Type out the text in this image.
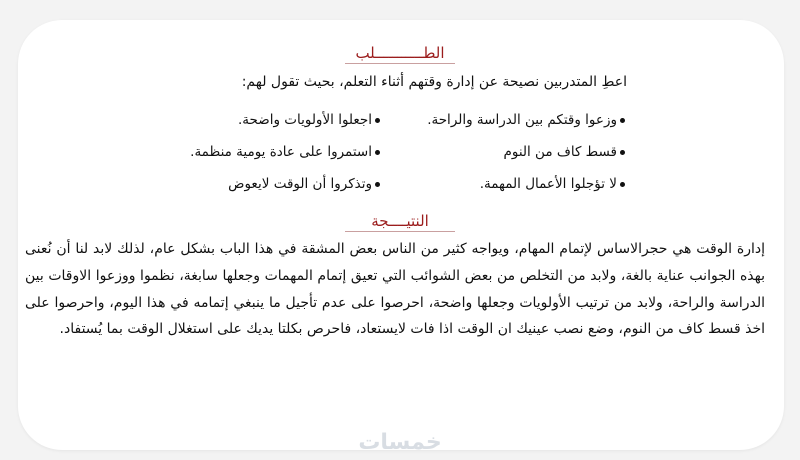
الطـــــــــــلب
اعطِ المتدربين نصيحة عن إدارة وقتهم أثناء التعلم، بحيث تقول لهم:
وزعوا وقتكم بين الدراسة والراحة.
اجعلوا الأولويات واضحة.
قسط كاف من النوم
استمروا على عادة يومية منظمة.
لا تؤجلوا الأعمال المهمة.
وتذكروا أن الوقت لايعوض
النتيــــجة
إدارة الوقت هي حجرالاساس لإتمام المهام، ويواجه كثير من الناس بعض المشقة في هذا الباب بشكل عام، لذلك لابد لنا أن نُعنى بهذه الجوانب عناية بالغة، ولابد من التخلص من بعض الشوائب التي تعيق إتمام المهمات وجعلها سابغة، نظموا ووزعوا الاوقات بين الدراسة والراحة، ولابد من ترتيب الأولويات وجعلها واضحة، احرصوا على عدم تأجيل ما ينبغي إتمامه في هذا اليوم، واحرصوا على اخذ قسط كاف من النوم، وضع نصب عينيك ان الوقت اذا فات لايستعاد، فاحرص بكلتا يديك على استغلال الوقت بما يُستفاد.
خمسات
